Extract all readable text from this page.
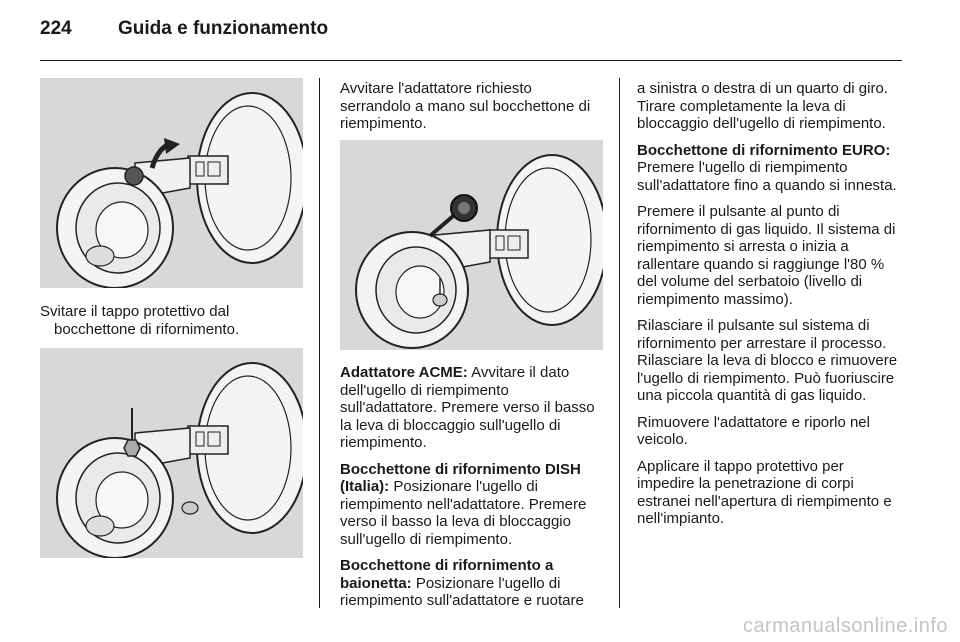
224 Guida e funzionamento

Svitare il tappo protettivo dal bocchettone di rifornimento.

Avvitare l'adattatore richiesto serrandolo a mano sul bocchettone di riempimento.

Adattatore ACME: Avvitare il dato dell'ugello di riempimento sull'adattatore. Premere verso il basso la leva di bloccaggio sull'ugello di riempimento.

Bocchettone di rifornimento DISH (Italia): Posizionare l'ugello di riempimento nell'adattatore. Premere verso il basso la leva di bloccaggio sull'ugello di riempimento.

Bocchettone di rifornimento a baionetta: Posizionare l'ugello di riempimento sull'adattatore e ruotare

a sinistra o destra di un quarto di giro. Tirare completamente la leva di bloccaggio dell'ugello di riempimento.

Bocchettone di rifornimento EURO: Premere l'ugello di riempimento sull'adattatore fino a quando si innesta.

Premere il pulsante al punto di rifornimento di gas liquido. Il sistema di riempimento si arresta o inizia a rallentare quando si raggiunge l'80 % del volume del serbatoio (livello di riempimento massimo).

Rilasciare il pulsante sul sistema di rifornimento per arrestare il processo. Rilasciare la leva di blocco e rimuovere l'ugello di riempimento. Può fuoriuscire una piccola quantità di gas liquido.

Rimuovere l'adattatore e riporlo nel veicolo.

Applicare il tappo protettivo per impedire la penetrazione di corpi estranei nell'apertura di riempimento e nell'impianto.

carmanualsonline.info
